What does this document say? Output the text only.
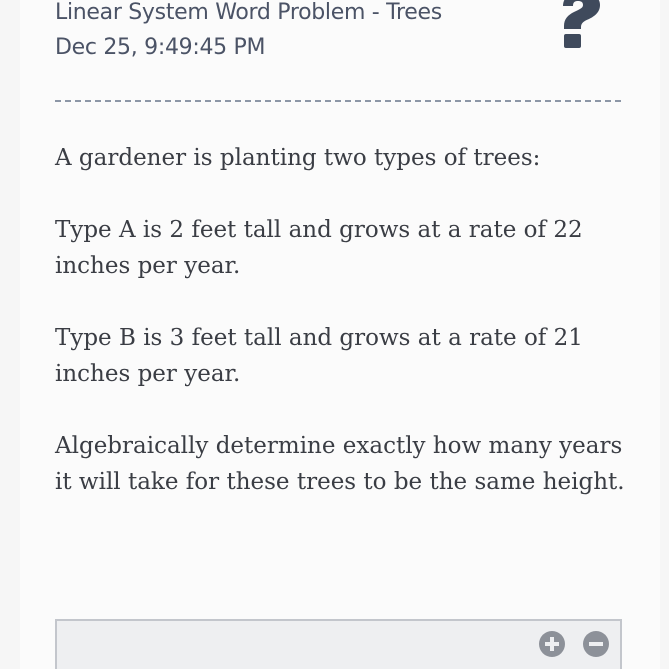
Linear System Word Problem - Trees
Dec 25, 9:49:45 PM

A gardener is planting two types of trees:

Type A is 2 feet tall and grows at a rate of 22 inches per year.

Type B is 3 feet tall and grows at a rate of 21 inches per year.

Algebraically determine exactly how many years it will take for these trees to be the same height.
